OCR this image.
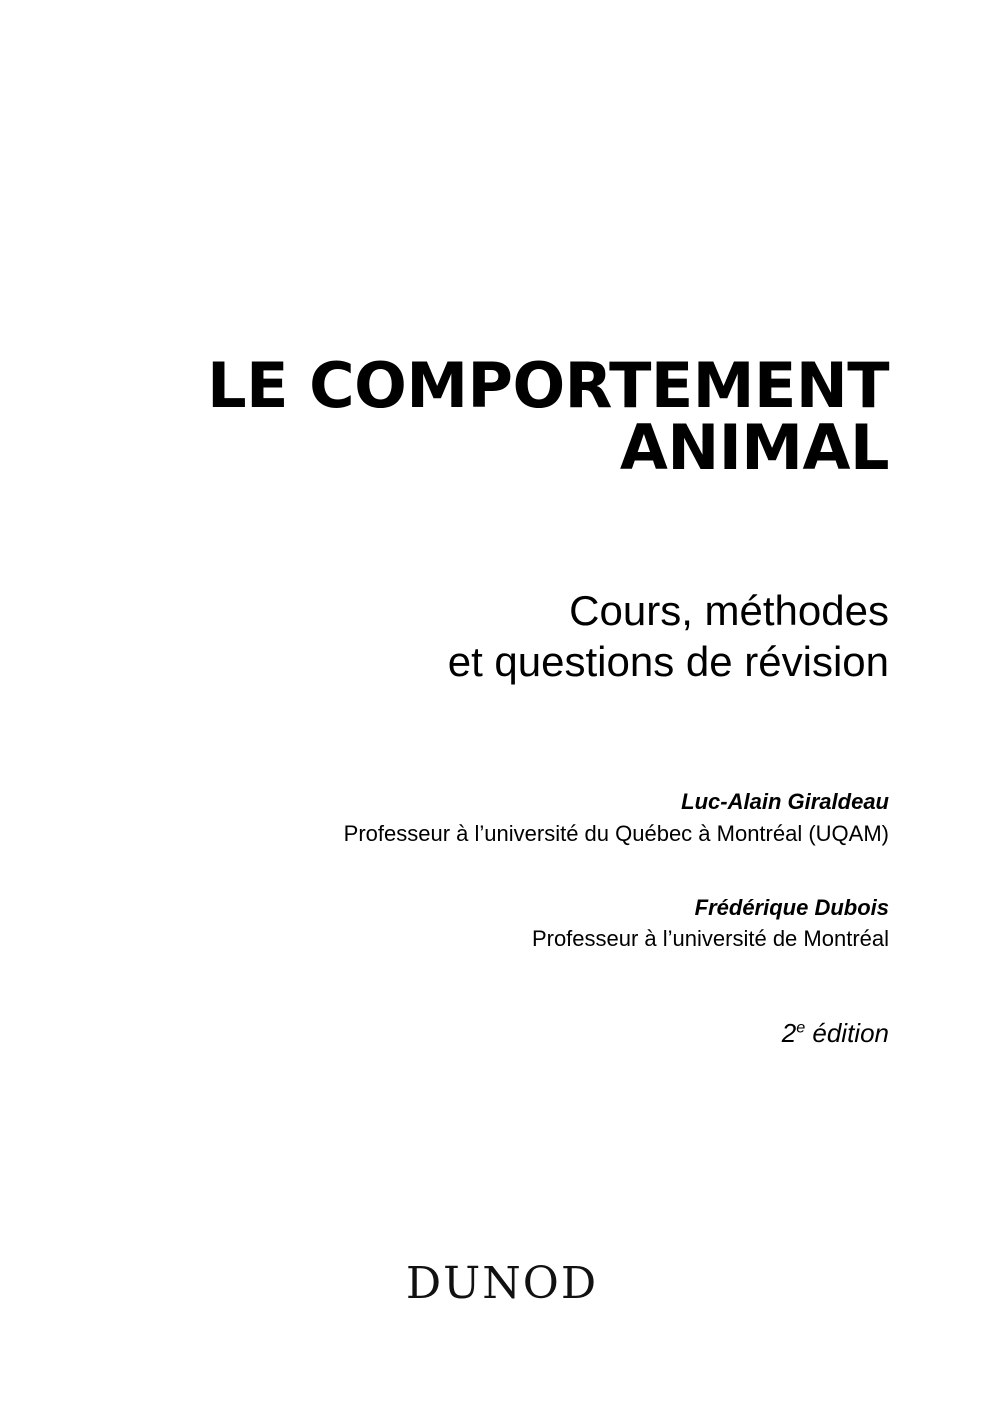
LE COMPORTEMENT
ANIMAL

Cours, méthodes
et questions de révision

Luc-Alain Giraldeau

Professeur à l’université du Québec à Montréal (UQAM)

Frédérique Dubois

Professeur à l’université de Montréal

2e édition

DUNOD
